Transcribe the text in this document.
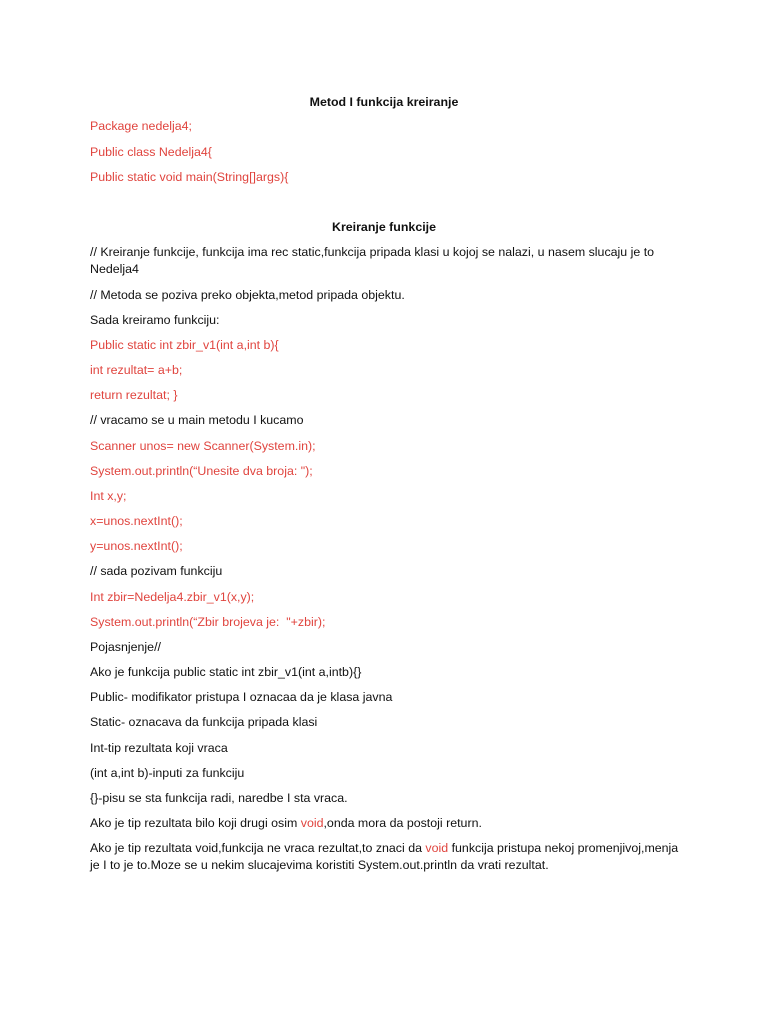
Metod I funkcija kreiranje
Package nedelja4;
Public class Nedelja4{
Public static void main(String[]args){
Kreiranje funkcije
// Kreiranje funkcije, funkcija ima rec static,funkcija pripada klasi u kojoj se nalazi, u nasem slucaju je to Nedelja4
// Metoda se poziva preko objekta,metod pripada objektu.
Sada kreiramo funkciju:
Public static int zbir_v1(int a,int b){
int rezultat= a+b;
return rezultat; }
// vracamo se u main metodu I kucamo
Scanner unos= new Scanner(System.in);
System.out.println(“Unesite dva broja: ");
Int x,y;
x=unos.nextInt();
y=unos.nextInt();
// sada pozivam funkciju
Int zbir=Nedelja4.zbir_v1(x,y);
System.out.println(“Zbir brojeva je:  "+zbir);
Pojasnjenje//
Ako je funkcija public static int zbir_v1(int a,intb){}
Public- modifikator pristupa I oznacaa da je klasa javna
Static- oznacava da funkcija pripada klasi
Int-tip rezultata koji vraca
(int a,int b)-inputi za funkciju
{}-pisu se sta funkcija radi, naredbe I sta vraca.
Ako je tip rezultata bilo koji drugi osim void,onda mora da postoji return.
Ako je tip rezultata void,funkcija ne vraca rezultat,to znaci da void funkcija pristupa nekoj promenjivoj,menja je I to je to.Moze se u nekim slucajevima koristiti System.out.println da vrati rezultat.
